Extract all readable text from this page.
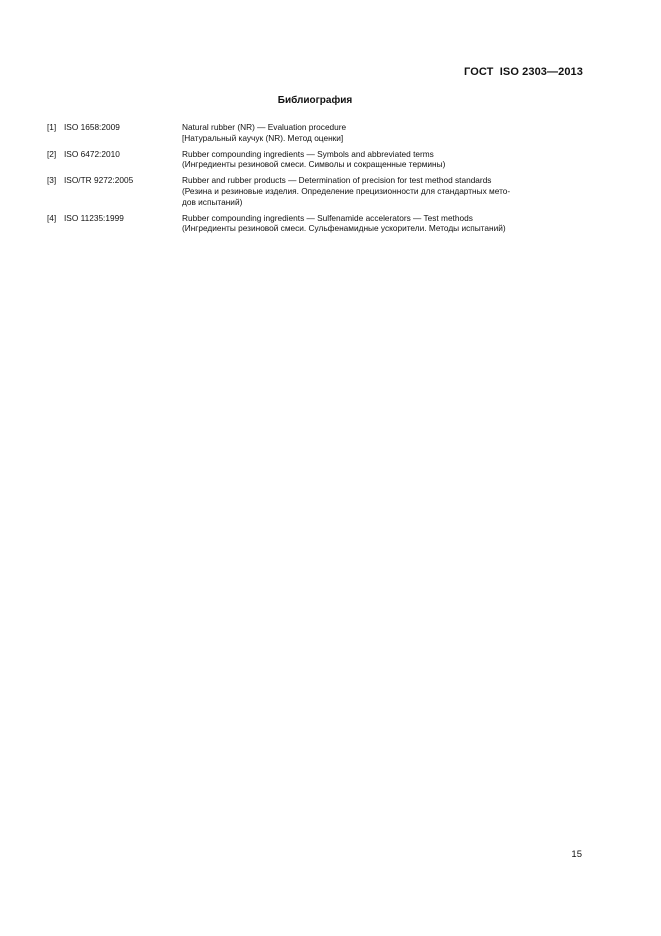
ГОСТ  ISO 2303—2013
Библиография
[1] ISO 1658:2009	Natural rubber (NR) — Evaluation procedure
[Натуральный каучук (NR). Метод оценки]
[2] ISO 6472:2010	Rubber compounding ingredients — Symbols and abbreviated terms
(Ингредиенты резиновой смеси. Символы и сокращенные термины)
[3] ISO/TR 9272:2005	Rubber and rubber products — Determination of precision for test method standards
(Резина и резиновые изделия. Определение прецизионности для стандартных мето-
дов испытаний)
[4] ISO 11235:1999	Rubber compounding ingredients — Sulfenamide accelerators — Test methods
(Ингредиенты резиновой смеси. Сульфенамидные ускорители. Методы испытаний)
15
